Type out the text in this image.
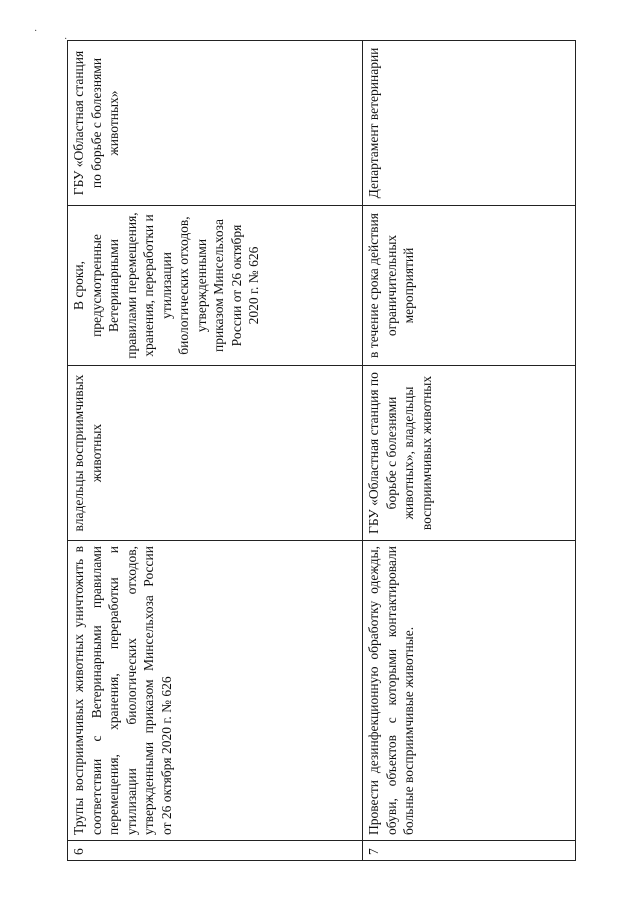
·
·
6	Трупы восприимчивых животных уничтожить в соответствии с Ветеринарными правилами перемещения, хранения, переработки и утилизации биологических отходов, утвержденными приказом Минсельхоза России от 26 октября 2020 г. № 626	владельцы восприимчивых животных	В сроки, предусмотренные Ветеринарными правилами перемещения, хранения, переработки и утилизации биологических отходов, утвержденными приказом Минсельхоза России от 26 октября 2020 г. № 626	ГБУ «Областная станция по борьбе с болезнями животных»
7	Провести дезинфекционную обработку одежды, обуви, объектов с которыми контактировали больные восприимчивые животные.	ГБУ «Областная станция по борьбе с болезнями животных», владельцы восприимчивых животных	в течение срока действия ограничительных мероприятий	Департамент ветеринарии
